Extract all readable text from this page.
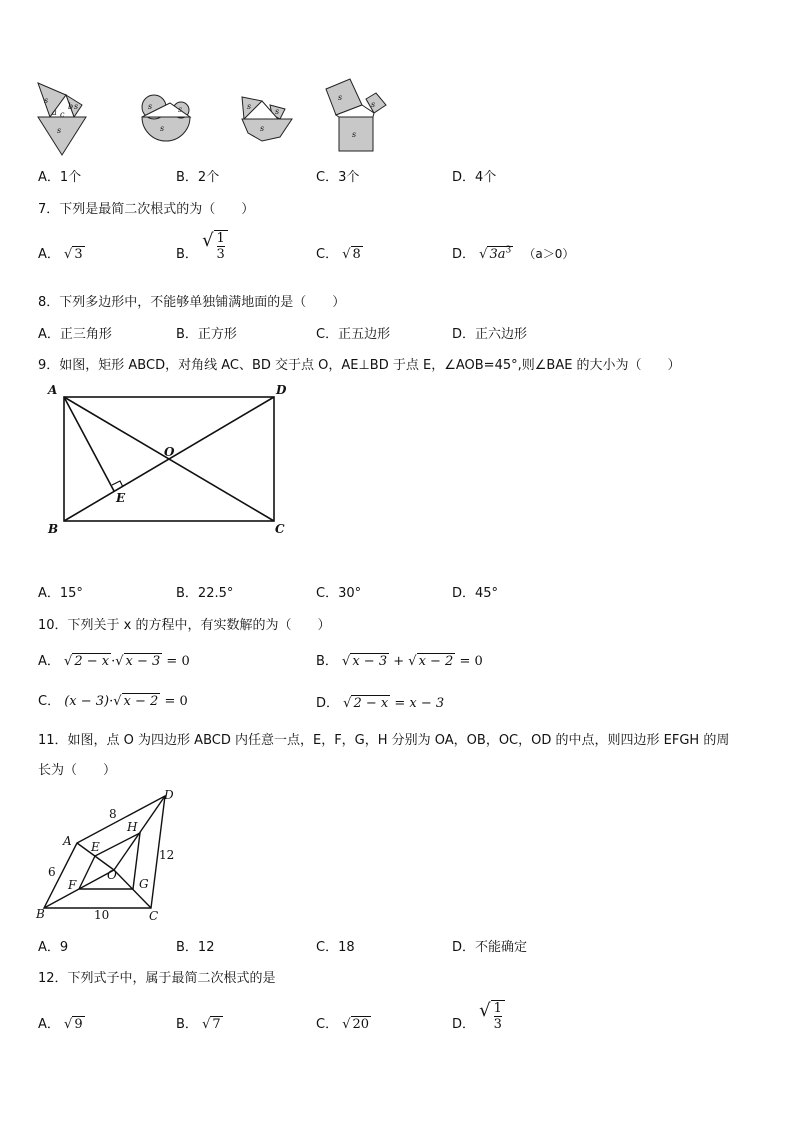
s
s
s
a c
b	s	s
s
s
s
s
s
s
s
A．1个	B．2个	C．3个	D．4个
7．下列是最简二次根式的为（　　）
A． √ 3	B． √ $\frac{1}{3}$	C． √ 8	D． √ $3a^3$ （a＞0）
8．下列多边形中，不能够单独铺满地面的是（　　）
A．正三角形	B．正方形	C．正五边形	D．正六边形
9．如图，矩形 ABCD，对角线 AC、BD 交于点 O，AE⊥BD 于点 E，∠AOB=45°,则∠BAE 的大小为（　　）
A	D
B	C
O
E
A．15°	B．22.5°	C．30°	D．45°
10．下列关于 x 的方程中，有实数解的为（　　）
A． √ 2 − x ·√ x − 3 = 0	B． √ x − 3 + √ x − 2 = 0
C． (x − 3)·√ x − 2 = 0	D． √ 2 − x = x − 3
11．如图，点 O 为四边形 ABCD 内任意一点，E，F，G，H 分别为 OA，OB，OC，OD 的中点，则四边形 EFGH 的周
长为（　　）
A
B	C
D
E
F	G
H
O
8
6
10
12
A．9	B．12	C．18	D．不能确定
12．下列式子中，属于最简二次根式的是
A． √ 9	B． √ 7	C． √ 20	D． √ $\frac{1}{3}$
